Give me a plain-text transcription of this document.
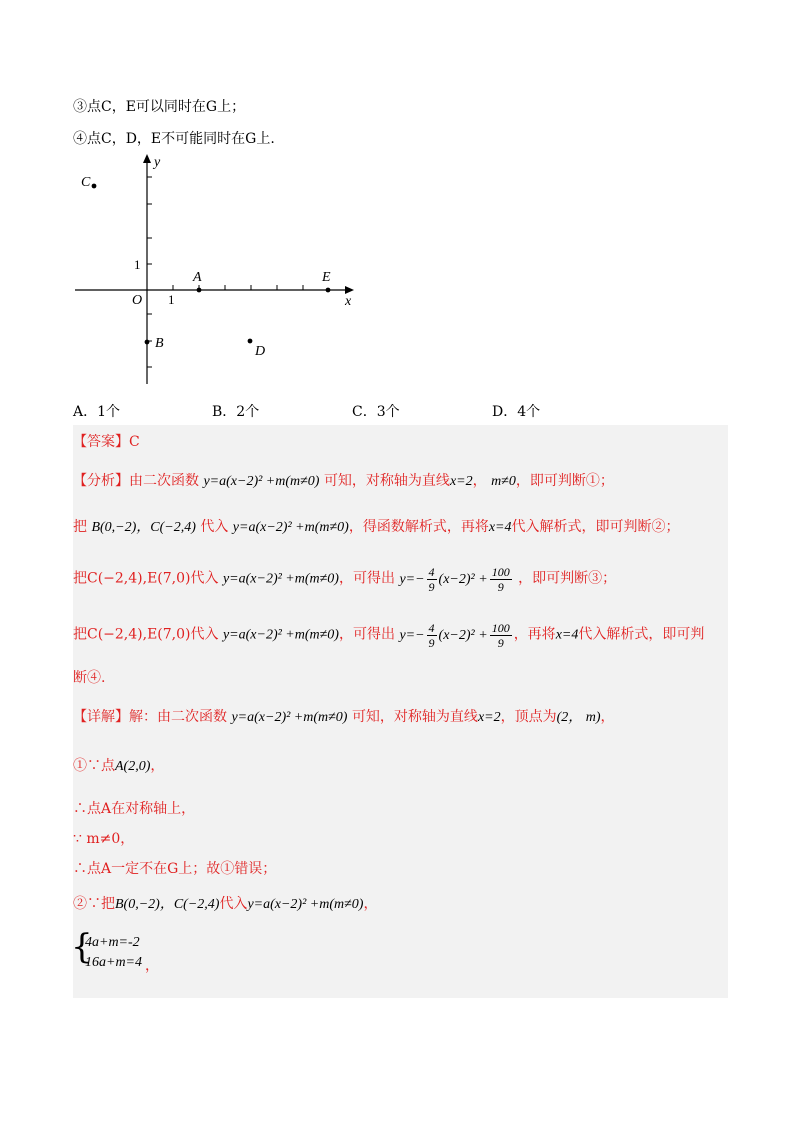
③点C，E可以同时在G上；
④点C，D，E不可能同时在G上.
C
A	E
B
D
O	x
y
1
1
A．1个	B．2个	C．3个	D．4个
【答案】C
【分析】由二次函数 y=a(x−2)² +m(m≠0) 可知，对称轴为直线x=2， m≠0，即可判断①；
把 B(0,−2)，C(−2,4) 代入 y=a(x−2)² +m(m≠0)，得函数解析式，再将x=4代入解析式，即可判断②；
把C(−2,4),E(7,0)代入 y=a(x−2)² +m(m≠0)，可得出 $y=- \frac{4}{9} (x-2)^2 + \frac{100}{9}$ ，即可判断③；
把C(−2,4),E(7,0)代入 y=a(x−2)² +m(m≠0)，可得出 $y=- \frac{4}{9} (x-2)^2 + \frac{100}{9}$ ，再将x=4代入解析式，即可判
断④.
【详解】解：由二次函数 y=a(x−2)² +m(m≠0) 可知，对称轴为直线x=2，顶点为(2， m)，
①∵点A(2,0)，
∴点A在对称轴上，
∵ m≠0，
∴点A一定不在G上；故①错误；
②∵把B(0,−2)，C(−2,4)代入y=a(x−2)² +m(m≠0)，
{
4a+m=-2
16a+m=4 ，
